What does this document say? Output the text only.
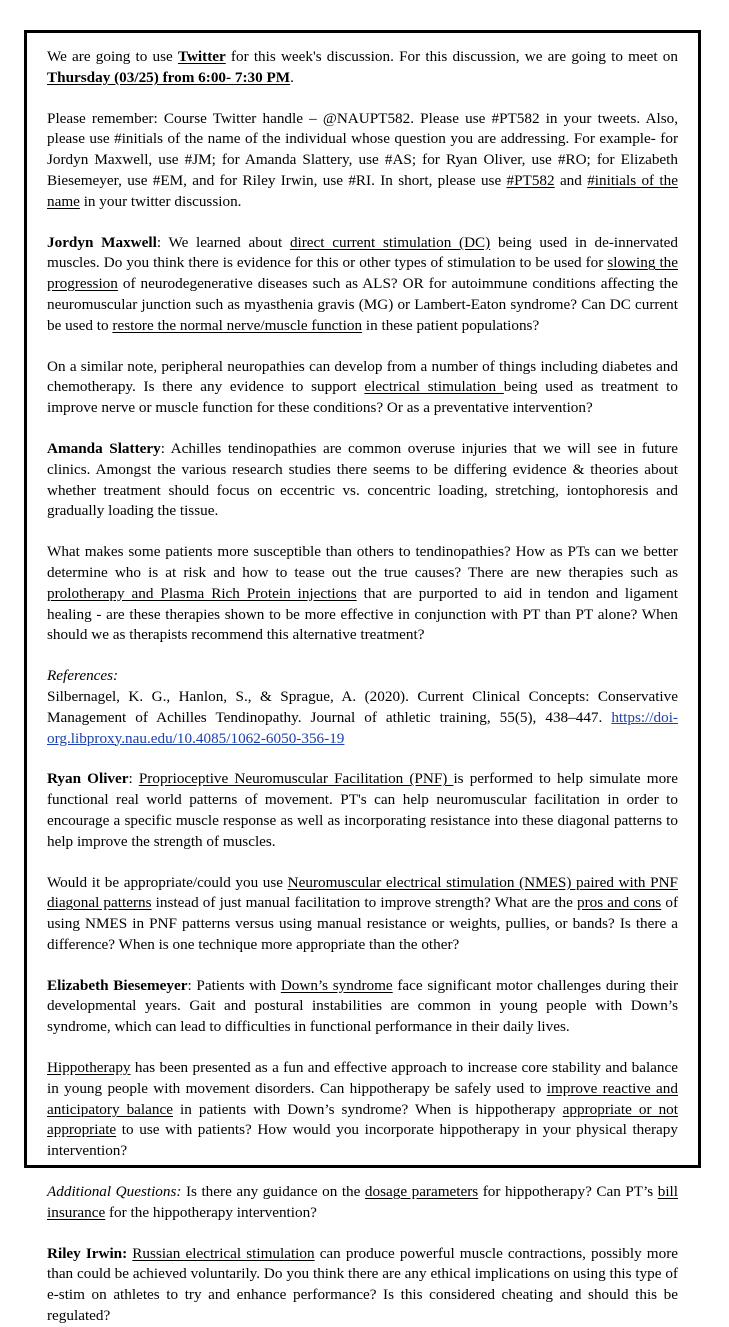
We are going to use Twitter for this week's discussion. For this discussion, we are going to meet on Thursday (03/25) from 6:00- 7:30 PM.

Please remember: Course Twitter handle – @NAUPT582. Please use #PT582 in your tweets. Also, please use #initials of the name of the individual whose question you are addressing. For example- for Jordyn Maxwell, use #JM; for Amanda Slattery, use #AS; for Ryan Oliver, use #RO; for Elizabeth Biesemeyer, use #EM, and for Riley Irwin, use #RI. In short, please use #PT582 and #initials of the name in your twitter discussion.

Jordyn Maxwell: We learned about direct current stimulation (DC) being used in de-innervated muscles. Do you think there is evidence for this or other types of stimulation to be used for slowing the progression of neurodegenerative diseases such as ALS? OR for autoimmune conditions affecting the neuromuscular junction such as myasthenia gravis (MG) or Lambert-Eaton syndrome? Can DC current be used to restore the normal nerve/muscle function in these patient populations?

On a similar note, peripheral neuropathies can develop from a number of things including diabetes and chemotherapy. Is there any evidence to support electrical stimulation being used as treatment to improve nerve or muscle function for these conditions? Or as a preventative intervention?

Amanda Slattery: Achilles tendinopathies are common overuse injuries that we will see in future clinics. Amongst the various research studies there seems to be differing evidence & theories about whether treatment should focus on eccentric vs. concentric loading, stretching, iontophoresis and gradually loading the tissue.

What makes some patients more susceptible than others to tendinopathies? How as PTs can we better determine who is at risk and how to tease out the true causes? There are new therapies such as prolotherapy and Plasma Rich Protein injections that are purported to aid in tendon and ligament healing - are these therapies shown to be more effective in conjunction with PT than PT alone? When should we as therapists recommend this alternative treatment?

References:
Silbernagel, K. G., Hanlon, S., & Sprague, A. (2020). Current Clinical Concepts: Conservative Management of Achilles Tendinopathy. Journal of athletic training, 55(5), 438–447. https://doi-org.libproxy.nau.edu/10.4085/1062-6050-356-19

Ryan Oliver: Proprioceptive Neuromuscular Facilitation (PNF) is performed to help simulate more functional real world patterns of movement. PT's can help neuromuscular facilitation in order to encourage a specific muscle response as well as incorporating resistance into these diagonal patterns to help improve the strength of muscles.

Would it be appropriate/could you use Neuromuscular electrical stimulation (NMES) paired with PNF diagonal patterns instead of just manual facilitation to improve strength? What are the pros and cons of using NMES in PNF patterns versus using manual resistance or weights, pullies, or bands? Is there a difference? When is one technique more appropriate than the other?

Elizabeth Biesemeyer: Patients with Down’s syndrome face significant motor challenges during their developmental years. Gait and postural instabilities are common in young people with Down’s syndrome, which can lead to difficulties in functional performance in their daily lives.

Hippotherapy has been presented as a fun and effective approach to increase core stability and balance in young people with movement disorders. Can hippotherapy be safely used to improve reactive and anticipatory balance in patients with Down’s syndrome? When is hippotherapy appropriate or not appropriate to use with patients? How would you incorporate hippotherapy in your physical therapy intervention?

Additional Questions: Is there any guidance on the dosage parameters for hippotherapy? Can PT’s bill insurance for the hippotherapy intervention?

Riley Irwin: Russian electrical stimulation can produce powerful muscle contractions, possibly more than could be achieved voluntarily. Do you think there are any ethical implications on using this type of e-stim on athletes to try and enhance performance? Is this considered cheating and should this be regulated?
